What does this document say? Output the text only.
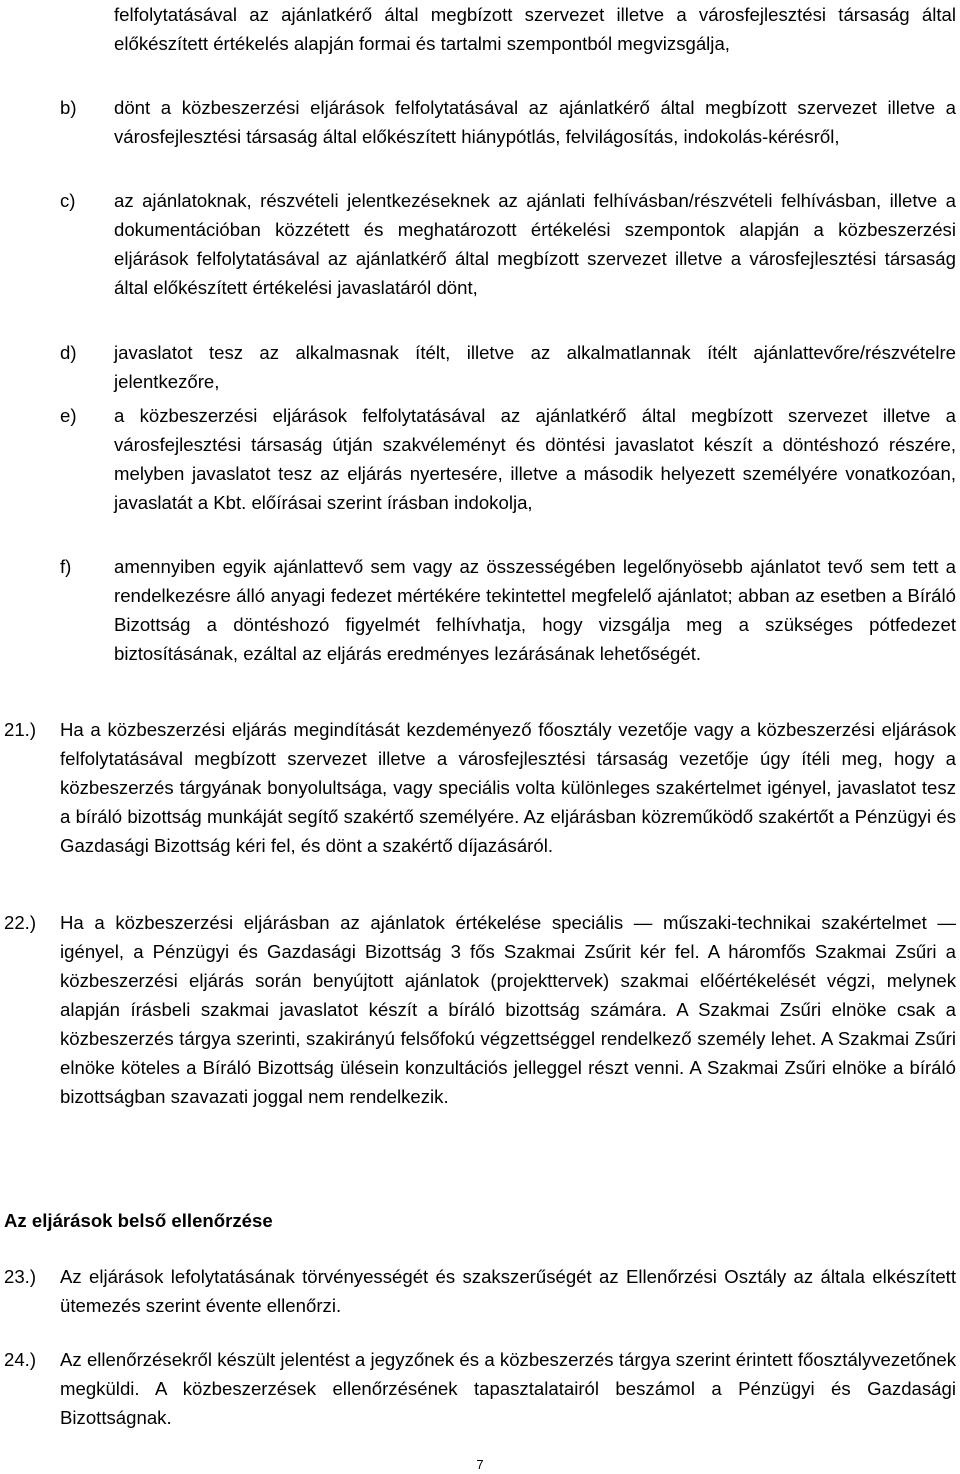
felfolytatásával az ajánlatkérő által megbízott szervezet illetve a városfejlesztési társaság által előkészített értékelés alapján formai és tartalmi szempontból megvizsgálja,
b) dönt a közbeszerzési eljárások felfolytatásával az ajánlatkérő által megbízott szervezet illetve a városfejlesztési társaság által előkészített hiánypótlás, felvilágosítás, indokolás-kérésről,
c) az ajánlatoknak, részvételi jelentkezéseknek az ajánlati felhívásban/részvételi felhívásban, illetve a dokumentációban közzétett és meghatározott értékelési szempontok alapján a közbeszerzési eljárások felfolytatásával az ajánlatkérő által megbízott szervezet illetve a városfejlesztési társaság által előkészített értékelési javaslatáról dönt,
d) javaslatot tesz az alkalmasnak ítélt, illetve az alkalmatlannak ítélt ajánlattevőre/részvételre jelentkezőre,
e) a közbeszerzési eljárások felfolytatásával az ajánlatkérő által megbízott szervezet illetve a városfejlesztési társaság útján szakvéleményt és döntési javaslatot készít a döntéshozó részére, melyben javaslatot tesz az eljárás nyertesére, illetve a második helyezett személyére vonatkozóan, javaslatát a Kbt. előírásai szerint írásban indokolja,
f) amennyiben egyik ajánlattevő sem vagy az összességében legelőnyösebb ajánlatot tevő sem tett a rendelkezésre álló anyagi fedezet mértékére tekintettel megfelelő ajánlatot; abban az esetben a Bíráló Bizottság a döntéshozó figyelmét felhívhatja, hogy vizsgálja meg a szükséges pótfedezet biztosításának, ezáltal az eljárás eredményes lezárásának lehetőségét.
21.) Ha a közbeszerzési eljárás megindítását kezdeményező főosztály vezetője vagy a közbeszerzési eljárások felfolytatásával megbízott szervezet illetve a városfejlesztési társaság vezetője úgy ítéli meg, hogy a közbeszerzés tárgyának bonyolultsága, vagy speciális volta különleges szakértelmet igényel, javaslatot tesz a bíráló bizottság munkáját segítő szakértő személyére. Az eljárásban közreműködő szakértőt a Pénzügyi és Gazdasági Bizottság kéri fel, és dönt a szakértő díjazásáról.
22.) Ha a közbeszerzési eljárásban az ajánlatok értékelése speciális — műszaki-technikai szakértelmet — igényel, a Pénzügyi és Gazdasági Bizottság 3 fős Szakmai Zsűrit kér fel. A háromfős Szakmai Zsűri a közbeszerzési eljárás során benyújtott ajánlatok (projekttervek) szakmai előértékelését végzi, melynek alapján írásbeli szakmai javaslatot készít a bíráló bizottság számára. A Szakmai Zsűri elnöke csak a közbeszerzés tárgya szerinti, szakirányú felsőfokú végzettséggel rendelkező személy lehet. A Szakmai Zsűri elnöke köteles a Bíráló Bizottság ülésein konzultációs jelleggel részt venni. A Szakmai Zsűri elnöke a bíráló bizottságban szavazati joggal nem rendelkezik.
Az eljárások belső ellenőrzése
23.) Az eljárások lefolytatásának törvényességét és szakszerűségét az Ellenőrzési Osztály az általa elkészített ütemezés szerint évente ellenőrzi.
24.) Az ellenőrzésekről készült jelentést a jegyzőnek és a közbeszerzés tárgya szerint érintett főosztályvezetőnek megküldi. A közbeszerzések ellenőrzésének tapasztalatairól beszámol a Pénzügyi és Gazdasági Bizottságnak.
7
